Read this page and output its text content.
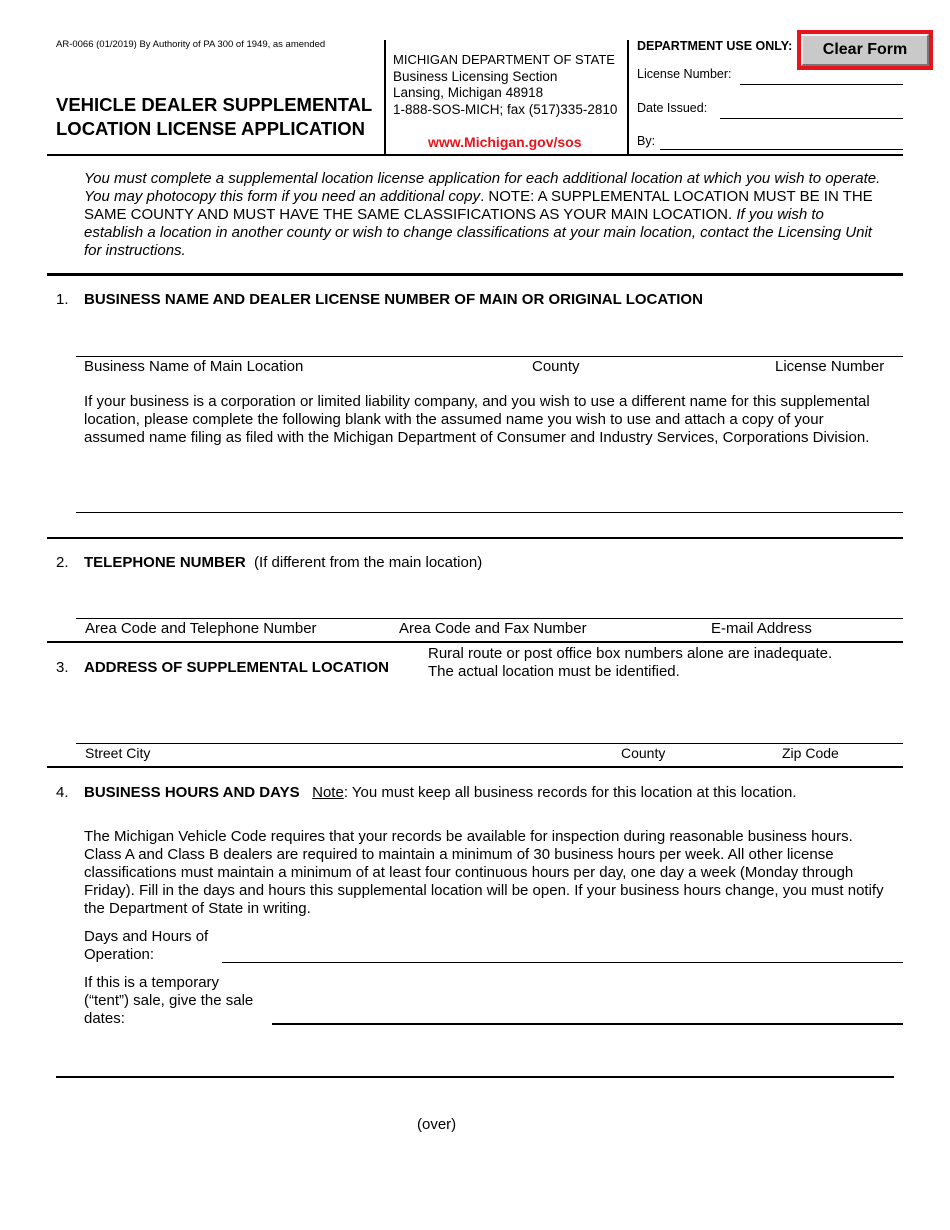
AR-0066 (01/2019) By Authority of PA 300 of 1949, as amended
VEHICLE DEALER SUPPLEMENTAL
LOCATION LICENSE APPLICATION
MICHIGAN DEPARTMENT OF STATE
Business Licensing Section
Lansing, Michigan 48918
1-888-SOS-MICH; fax (517)335-2810
www.Michigan.gov/sos
DEPARTMENT USE ONLY:	Clear Form
License Number:
Date Issued:
By:
You must complete a supplemental location license application for each additional location at which you wish to operate. You may photocopy this form if you need an additional copy. NOTE: A SUPPLEMENTAL LOCATION MUST BE IN THE SAME COUNTY AND MUST HAVE THE SAME CLASSIFICATIONS AS YOUR MAIN LOCATION. If you wish to establish a location in another county or wish to change classifications at your main location, contact the Licensing Unit for instructions.
1. BUSINESS NAME AND DEALER LICENSE NUMBER OF MAIN OR ORIGINAL LOCATION
Business Name of Main Location	County	License Number
If your business is a corporation or limited liability company, and you wish to use a different name for this supplemental location, please complete the following blank with the assumed name you wish to use and attach a copy of your assumed name filing as filed with the Michigan Department of Consumer and Industry Services, Corporations Division.
2. TELEPHONE NUMBER (If different from the main location)
Area Code and Telephone Number	Area Code and Fax Number	E-mail Address
3. ADDRESS OF SUPPLEMENTAL LOCATION
Rural route or post office box numbers alone are inadequate.
The actual location must be identified.
Street City	County	Zip Code
4. BUSINESS HOURS AND DAYS Note: You must keep all business records for this location at this location.
The Michigan Vehicle Code requires that your records be available for inspection during reasonable business hours. Class A and Class B dealers are required to maintain a minimum of 30 business hours per week. All other license classifications must maintain a minimum of at least four continuous hours per day, one day a week (Monday through Friday). Fill in the days and hours this supplemental location will be open. If your business hours change, you must notify the Department of State in writing.
Days and Hours of
Operation:
If this is a temporary
(“tent”) sale, give the sale
dates:
(over)
